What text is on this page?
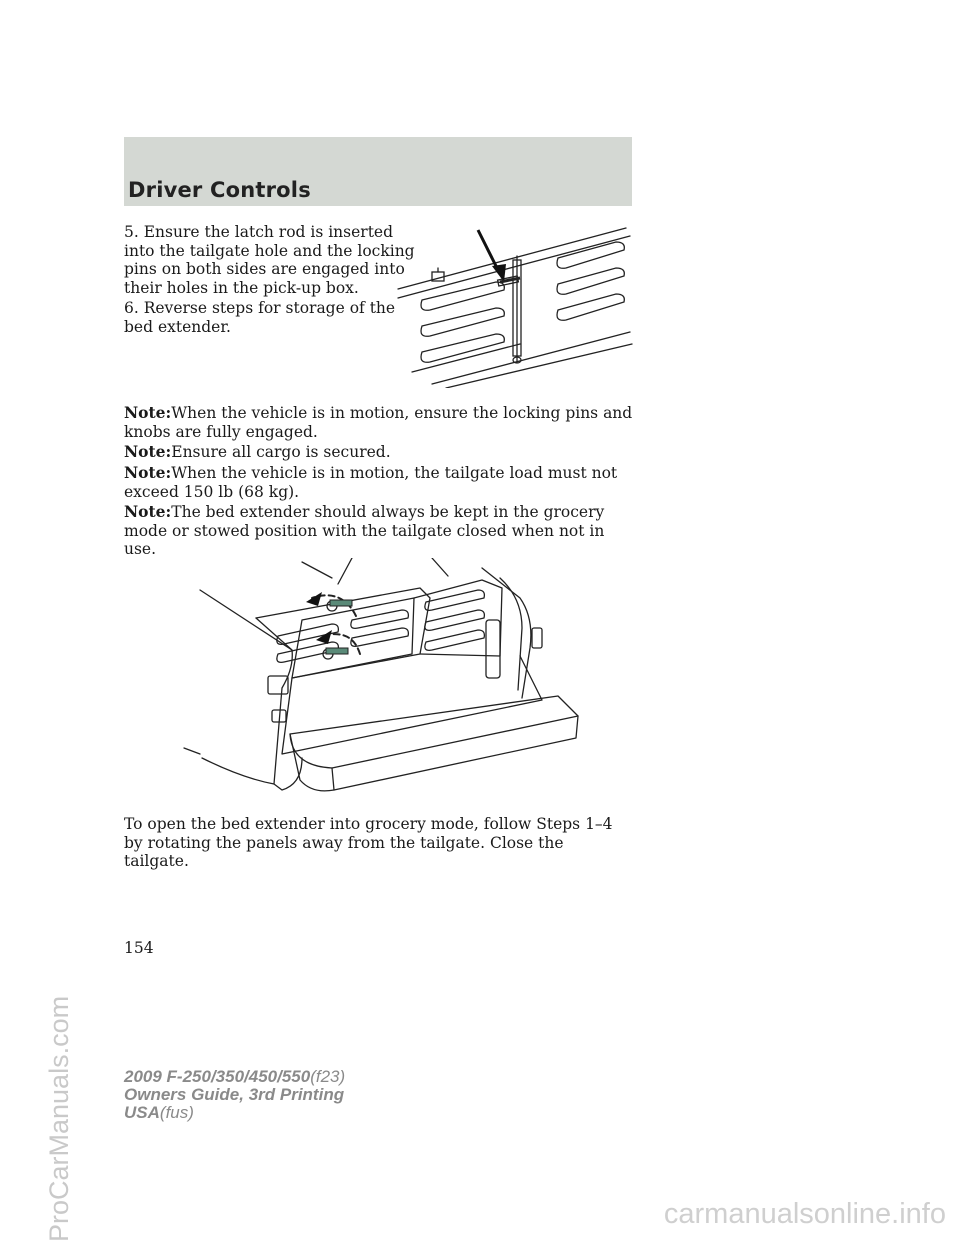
Driver Controls
5. Ensure the latch rod is inserted
into the tailgate hole and the locking
pins on both sides are engaged into
their holes in the pick-up box.
6. Reverse steps for storage of the
bed extender.
Note:When the vehicle is in motion, ensure the locking pins and knobs are fully engaged.
Note:Ensure all cargo is secured.
Note:When the vehicle is in motion, the tailgate load must not exceed 150 lb (68 kg).
Note:The bed extender should always be kept in the grocery mode or stowed position with the tailgate closed when not in use.
To open the bed extender into grocery mode, follow Steps 1–4 by rotating the panels away from the tailgate. Close the tailgate.
154
2009 F-250/350/450/550(f23)
Owners Guide, 3rd Printing
USA(fus)
ProCarManuals.com	carmanualsonline.info
